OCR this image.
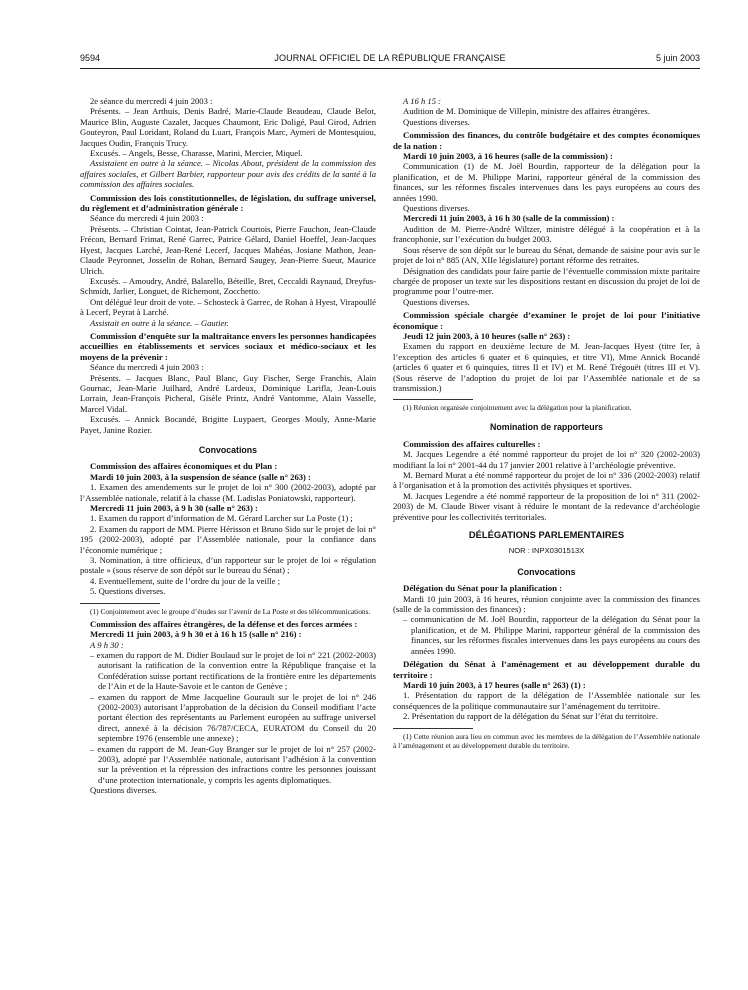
9594	JOURNAL OFFICIEL DE LA RÉPUBLIQUE FRANÇAISE	5 juin 2003

2e séance du mercredi 4 juin 2003 :

Présents. – Jean Arthuis, Denis Badré, Marie-Claude Beaudeau, Claude Belot, Maurice Blin, Auguste Cazalet, Jacques Chaumont, Eric Doligé, Paul Girod, Adrien Gouteyron, Paul Loridant, Roland du Luart, François Marc, Aymeri de Montesquiou, Jacques Oudin, François Trucy.

Excusés. – Angels, Besse, Charasse, Marini, Mercier, Miquel.

Assistaient en outre à la séance. – Nicolas About, président de la commission des affaires sociales, et Gilbert Barbier, rapporteur pour avis des crédits de la santé à la commission des affaires sociales.

Commission des lois constitutionnelles, de législation, du suffrage universel, du règlement et d’administration générale :

Séance du mercredi 4 juin 2003 :

Présents. – Christian Cointat, Jean-Patrick Courtois, Pierre Fauchon, Jean-Claude Frécon, Bernard Frimat, René Garrec, Patrice Gélard, Daniel Hoeffel, Jean-Jacques Hyest, Jacques Larché, Jean-René Lecerf, Jacques Mahéas, Josiane Mathon, Jean-Claude Peyronnet, Josselin de Rohan, Bernard Saugey, Jean-Pierre Sueur, Maurice Ulrich.

Excusés. – Amoudry, André, Balarello, Béteille, Bret, Ceccaldi Raynaud, Dreyfus-Schmidt, Jarlier, Longuet, de Richemont, Zocchetto.

Ont délégué leur droit de vote. – Schosteck à Garrec, de Rohan à Hyest, Virapoullé à Lecerf, Peyrat à Larché.

Assistait en outre à la séance. – Gautier.

Commission d’enquête sur la maltraitance envers les personnes handicapées accueillies en établissements et services sociaux et médico-sociaux et les moyens de la prévenir :

Séance du mercredi 4 juin 2003 :

Présents. – Jacques Blanc, Paul Blanc, Guy Fischer, Serge Franchis, Alain Gournac, Jean-Marie Juilhard, André Lardeux, Dominique Larifla, Jean-Louis Lorrain, Jean-François Picheral, Gisèle Printz, André Vantomme, Alain Vasselle, Marcel Vidal.

Excusés. – Annick Bocandé, Brigitte Luypaert, Georges Mouly, Anne-Marie Payet, Janine Rozier.

Convocations

Commission des affaires économiques et du Plan :

Mardi 10 juin 2003, à la suspension de séance (salle n° 263) :

1. Examen des amendements sur le projet de loi n° 300 (2002-2003), adopté par l’Assemblée nationale, relatif à la chasse (M. Ladislas Poniatowski, rapporteur).

Mercredi 11 juin 2003, à 9 h 30 (salle n° 263) :

1. Examen du rapport d’information de M. Gérard Larcher sur La Poste (1) ;

2. Examen du rapport de MM. Pierre Hérisson et Bruno Sido sur le projet de loi n° 195 (2002-2003), adopté par l’Assemblée nationale, pour la confiance dans l’économie numérique ;

3. Nomination, à titre officieux, d’un rapporteur sur le projet de loi « régulation postale » (sous réserve de son dépôt sur le bureau du Sénat) ;

4. Eventuellement, suite de l’ordre du jour de la veille ;

5. Questions diverses.

(1) Conjointement avec le groupe d’études sur l’avenir de La Poste et des télécommunications.

Commission des affaires étrangères, de la défense et des forces armées :

Mercredi 11 juin 2003, à 9 h 30 et à 16 h 15 (salle n° 216) :

A 9 h 30 :

– examen du rapport de M. Didier Boulaud sur le projet de loi n° 221 (2002-2003) autorisant la ratification de la convention entre la République française et la Confédération suisse portant rectifications de la frontière entre les départements de l’Ain et de la Haute-Savoie et le canton de Genève ;

– examen du rapport de Mme Jacqueline Gourault sur le projet de loi n° 246 (2002-2003) autorisant l’approbation de la décision du Conseil modifiant l’acte portant élection des représentants au Parlement européen au suffrage universel direct, annexé à la décision 76/787/CECA, EURATOM du Conseil du 20 septembre 1976 (ensemble une annexe) ;

– examen du rapport de M. Jean-Guy Branger sur le projet de loi n° 257 (2002-2003), adopté par l’Assemblée nationale, autorisant l’adhésion à la convention sur la prévention et la répression des infractions contre les personnes jouissant d’une protection internationale, y compris les agents diplomatiques.

Questions diverses.

A 16 h 15 :

Audition de M. Dominique de Villepin, ministre des affaires étrangères.

Questions diverses.

Commission des finances, du contrôle budgétaire et des comptes économiques de la nation :

Mardi 10 juin 2003, à 16 heures (salle de la commission) :

Communication (1) de M. Joël Bourdin, rapporteur de la délégation pour la planification, et de M. Philippe Marini, rapporteur général de la commission des finances, sur les réformes fiscales intervenues dans les pays européens au cours des années 1990.

Questions diverses.

Mercredi 11 juin 2003, à 16 h 30 (salle de la commission) :

Audition de M. Pierre-André Wiltzer, ministre délégué à la coopération et à la francophonie, sur l’exécution du budget 2003.

Sous réserve de son dépôt sur le bureau du Sénat, demande de saisine pour avis sur le projet de loi n° 885 (AN, XIIe législature) portant réforme des retraites.

Désignation des candidats pour faire partie de l’éventuelle commission mixte paritaire chargée de proposer un texte sur les dispositions restant en discussion du projet de loi de programme pour l’outre-mer.

Questions diverses.

Commission spéciale chargée d’examiner le projet de loi pour l’initiative économique :

Jeudi 12 juin 2003, à 10 heures (salle n° 263) :

Examen du rapport en deuxième lecture de M. Jean-Jacques Hyest (titre Ier, à l’exception des articles 6 quater et 6 quinquies, et titre VI), Mme Annick Bocandé (articles 6 quater et 6 quinquies, titres II et IV) et M. René Trégouët (titres III et V). (Sous réserve de l’adoption du projet de loi par l’Assemblée nationale et de sa transmission.)

(1) Réunion organisée conjointement avec la délégation pour la planification.

Nomination de rapporteurs

Commission des affaires culturelles :

M. Jacques Legendre a été nommé rapporteur du projet de loi n° 320 (2002-2003) modifiant la loi n° 2001-44 du 17 janvier 2001 relative à l’archéologie préventive.

M. Bernard Murat a été nommé rapporteur du projet de loi n° 336 (2002-2003) relatif à l’organisation et à la promotion des activités physiques et sportives.

M. Jacques Legendre a été nommé rapporteur de la proposition de loi n° 311 (2002-2003) de M. Claude Biwer visant à réduire le montant de la redevance d’archéologie préventive pour les collectivités territoriales.

DÉLÉGATIONS PARLEMENTAIRES

NOR : INPX0301513X

Convocations

Délégation du Sénat pour la planification :

Mardi 10 juin 2003, à 16 heures, réunion conjointe avec la commission des finances (salle de la commission des finances) :

– communication de M. Joël Bourdin, rapporteur de la délégation du Sénat pour la planification, et de M. Philippe Marini, rapporteur général de la commission des finances, sur les réformes fiscales intervenues dans les pays européens au cours des années 1990.

Délégation du Sénat à l’aménagement et au développement durable du territoire :

Mardi 10 juin 2003, à 17 heures (salle n° 263) (1) :

1. Présentation du rapport de la délégation de l’Assemblée nationale sur les conséquences de la politique communautaire sur l’aménagement du territoire.

2. Présentation du rapport de la délégation du Sénat sur l’état du territoire.

(1) Cette réunion aura lieu en commun avec les membres de la délégation de l’Assemblée nationale à l’aménagement et au développement durable du territoire.
